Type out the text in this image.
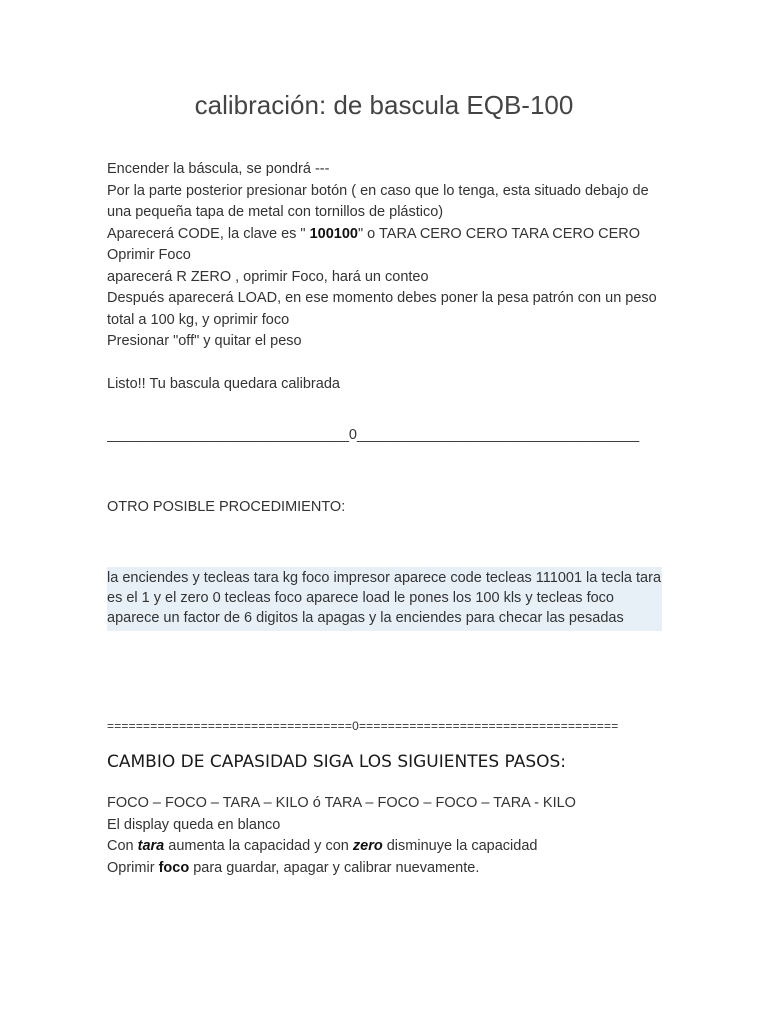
calibración: de bascula EQB-100
Encender la báscula, se pondrá ---
Por la parte posterior presionar botón ( en caso que lo tenga, esta situado debajo de una pequeña tapa de metal con tornillos de plástico)
Aparecerá CODE, la clave es " 100100" o TARA CERO CERO TARA CERO CERO
Oprimir Foco
aparecerá R ZERO , oprimir Foco, hará un conteo
Después aparecerá LOAD, en ese momento debes poner la pesa patrón con un peso total a 100 kg, y oprimir foco
Presionar "off" y quitar el peso
Listo!! Tu bascula quedara calibrada
______________________________0___________________________________
OTRO POSIBLE PROCEDIMIENTO:
la enciendes y tecleas tara kg foco impresor aparece code tecleas 111001 la tecla tara es el 1 y el zero 0 tecleas foco aparece load le pones los 100 kls y tecleas foco aparece un factor de 6 digitos la apagas y la enciendes para checar las pesadas
==================================0====================================
CAMBIO DE CAPASIDAD SIGA LOS SIGUIENTES PASOS:
FOCO – FOCO – TARA – KILO ó TARA – FOCO – FOCO – TARA - KILO
El display queda en blanco
Con tara aumenta la capacidad y con zero disminuye la capacidad
Oprimir foco para guardar, apagar y calibrar nuevamente.
